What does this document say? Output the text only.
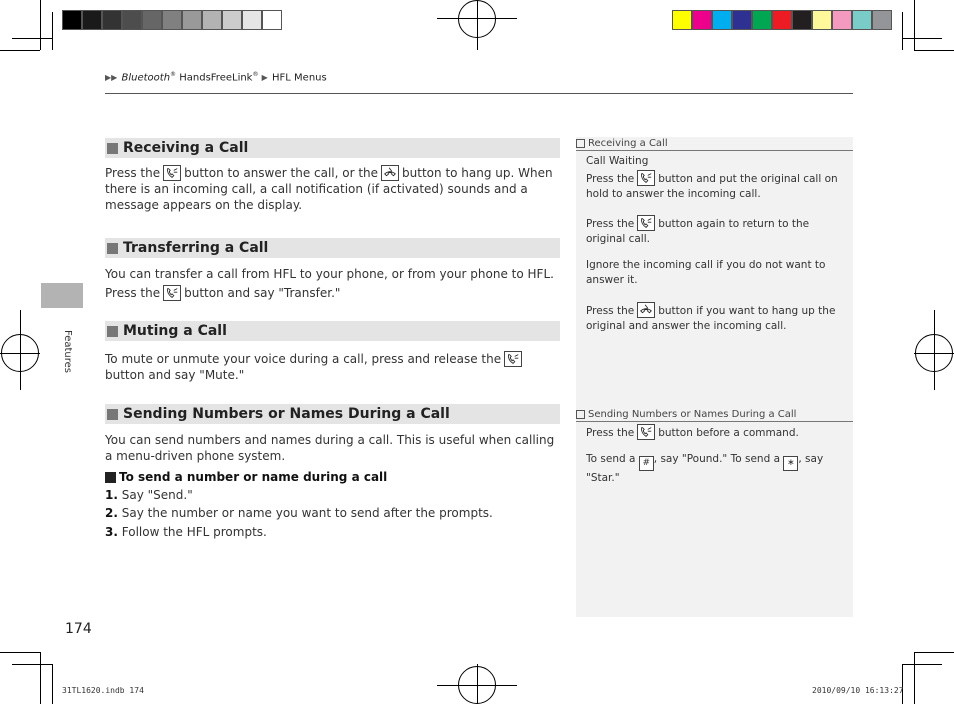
▶▶ Bluetooth® HandsFreeLink® ▶ HFL Menus
Features
Receiving a Call
Press the button to answer the call, or the button to hang up. When there is an incoming call, a call notification (if activated) sounds and a message appears on the display.
Transferring a Call
You can transfer a call from HFL to your phone, or from your phone to HFL. Press the button and say "Transfer."
Muting a Call
To mute or unmute your voice during a call, press and release the
button and say "Mute."
Sending Numbers or Names During a Call
You can send numbers and names during a call. This is useful when calling a menu-driven phone system.
To send a number or name during a call
1. Say "Send."
2. Say the number or name you want to send after the prompts.
3. Follow the HFL prompts.
Receiving a Call
Call Waiting
Press the button and put the original call on hold to answer the incoming call.
Press the button again to return to the original call.
Ignore the incoming call if you do not want to answer it.
Press the button if you want to hang up the original and answer the incoming call.
Sending Numbers or Names During a Call
Press the button before a command.
To send a # , say "Pound." To send a ∗ , say "Star."
174
31TL1620.indb 174	2010/09/10 16:13:27
